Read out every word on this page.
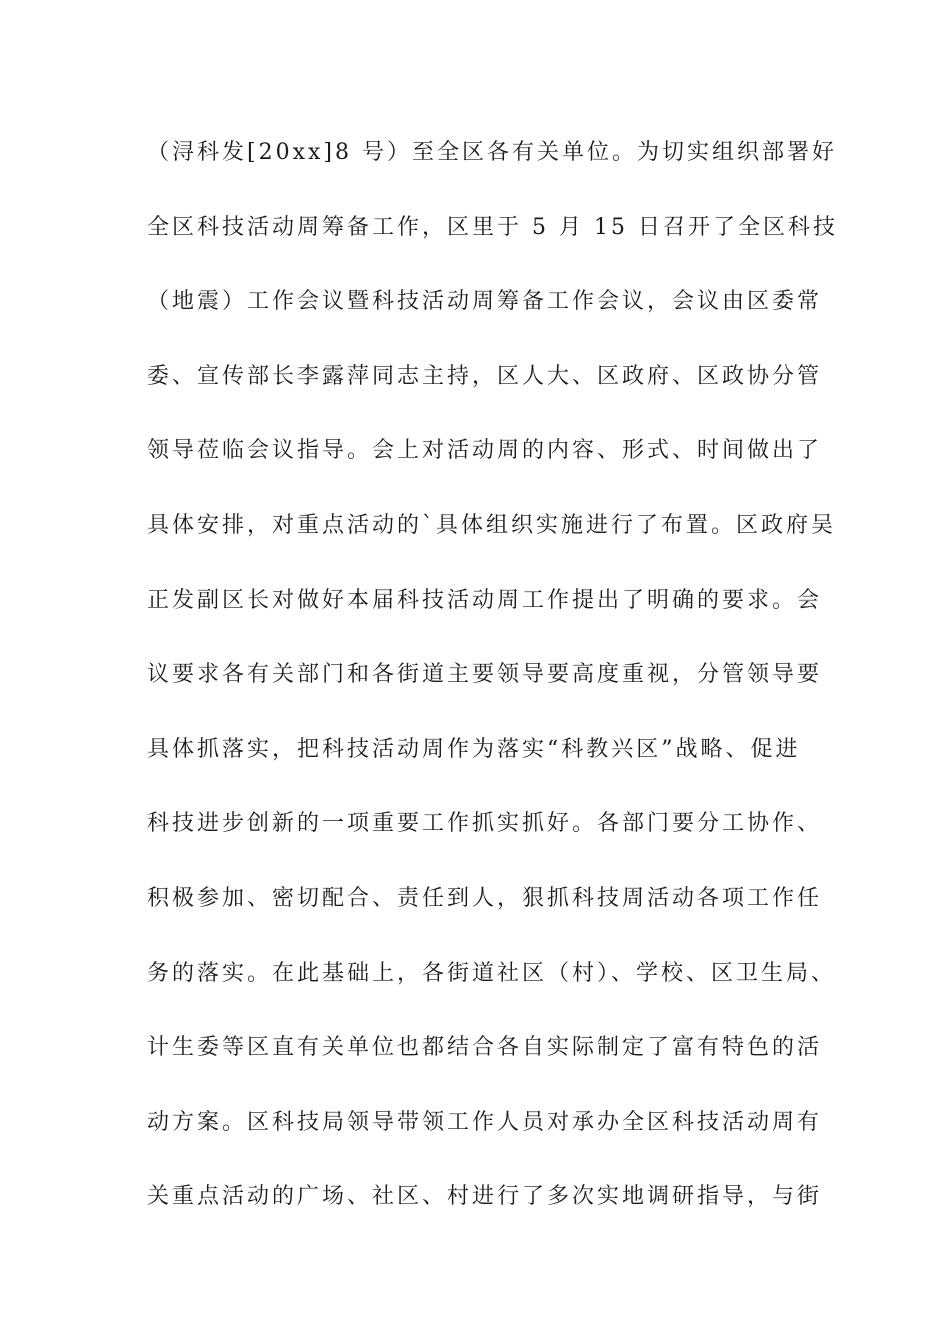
（浔科发[20xx]8 号）至全区各有关单位。为切实组织部署好
全区科技活动周筹备工作，区里于 5 月 15 日召开了全区科技
（地震）工作会议暨科技活动周筹备工作会议，会议由区委常
委、宣传部长李露萍同志主持，区人大、区政府、区政协分管
领导莅临会议指导。会上对活动周的内容、形式、时间做出了
具体安排，对重点活动的`具体组织实施进行了布置。区政府吴
正发副区长对做好本届科技活动周工作提出了明确的要求。会
议要求各有关部门和各街道主要领导要高度重视，分管领导要
具体抓落实，把科技活动周作为落实“科教兴区”战略、促进
科技进步创新的一项重要工作抓实抓好。各部门要分工协作、
积极参加、密切配合、责任到人，狠抓科技周活动各项工作任
务的落实。在此基础上，各街道社区（村）、学校、区卫生局、
计生委等区直有关单位也都结合各自实际制定了富有特色的活
动方案。区科技局领导带领工作人员对承办全区科技活动周有
关重点活动的广场、社区、村进行了多次实地调研指导，与街
